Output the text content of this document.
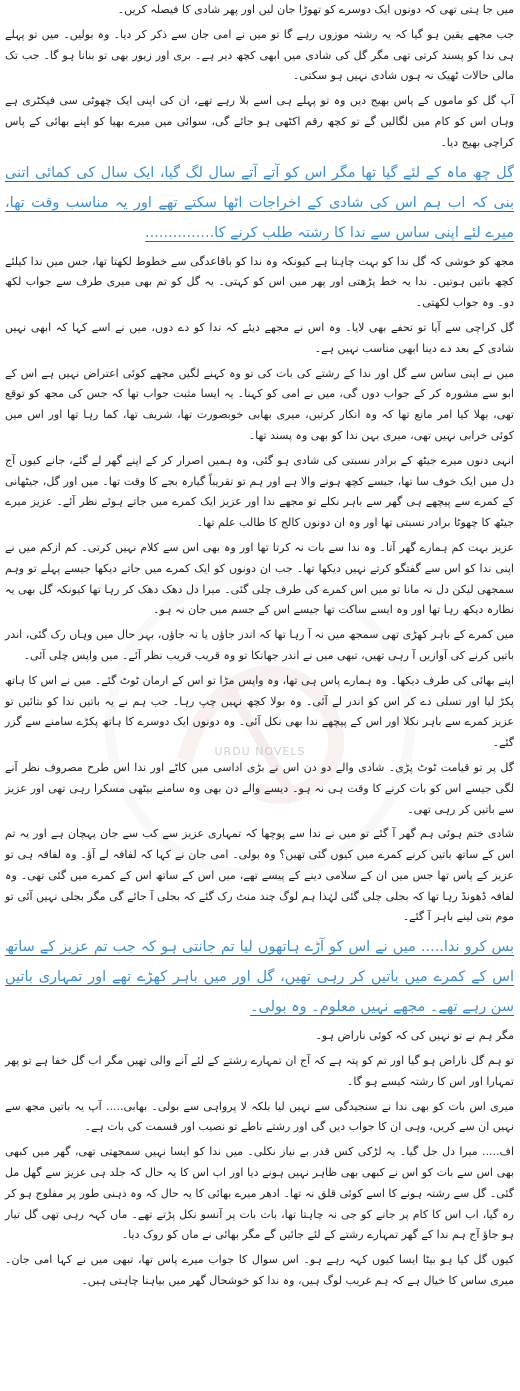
URDU NOVELS

میں جا ہتی تھی کہ دونوں ایک دوسرے کو تھوڑا جان لیں اور پھر شادی کا فیصلہ کریں۔

جب مجھے یقین ہو گیا کہ یہ رشتہ موزوں رہے گا تو میں نے امی جان سے ذکر کر دیا۔ وہ بولیں۔ میں تو پہلے ہی ندا کو پسند کرتی تھی مگر گل کی شادی میں ابھی کچھ دیر ہے۔ بری اور زیور بھی تو بنانا ہو گا۔ جب تک مالی حالات ٹھیک نہ ہوں شادی نہیں ہو سکتی۔

آپ گل کو ماموں کے پاس بھیج دیں وہ تو پہلے ہی اسے بلا رہے تھے، ان کی اپنی ایک چھوٹی سی فیکٹری ہے وہاں اس کو کام میں لگالیں گے تو کچھ رقم اکٹھی ہو جائے گی، سوائی میں میرے بھیا کو اپنے بھائی کے پاس کراچی بھیج دیا۔

گل چھ ماہ کے لئے گیا تھا مگر اس کو آتے آتے سال لگ گیا، ایک سال کی کمائی اتنی بنی کہ اب ہم اس کی شادی کے اخراجات اٹھا سکتے تھے اور یہ مناسب وقت تھا، میرے لئے اپنی ساس سے ندا کا رشتہ طلب کرنے کا...............

مجھ کو خوشی کہ گل ندا کو بہت چاہتا ہے کیونکہ وہ ندا کو باقاعدگی سے خطوط لکھتا تھا، جس میں ندا کیلئے کچھ باتیں ہوتیں۔ ندا یہ خط پڑھتی اور پھر میں اس کو کہتی۔ یہ گل کو تم بھی میری طرف سے جواب لکھ دو۔ وہ جواب لکھتی۔

گل کراچی سے آیا تو تحفے بھی لایا۔ وہ اس نے مجھے دیئے کہ ندا کو دے دوں، میں نے اسے کہا کہ ابھی نہیں شادی کے بعد دے دینا ابھی مناسب نہیں ہے۔

میں نے اپنی ساس سے گل اور ندا کے رشتے کی بات کی تو وہ کہنے لگیں مجھے کوئی اعتراض نہیں ہے اس کے ابو سے مشورہ کر کے جواب دوں گی، میں نے امی کو کہنا۔ یہ ایسا مثبت جواب تھا کہ جس کی مجھ کو توقع تھی، بھلا کیا امر مانع تھا کہ وہ انکار کرتیں، میری بھابی خوبصورت تھا، شریف تھا، کما رہا تھا اور اس میں کوئی خرابی نہیں تھی، میری بہن ندا کو بھی وہ پسند تھا۔

انہی دنوں میرے جیٹھ کے برادر نسبتی کی شادی ہو گئی، وہ ہمیں اصرار کر کے اپنے گھر لے گئے، جانے کیوں آج دل میں ایک خوف سا تھا، جیسے کچھ ہونے والا ہے اور ہم تو تقریباً گیارہ بجے کا وقت تھا۔ میں اور گل، جیٹھانی کے کمرے سے پیچھے ہی گھر سے باہر نکلے تو مجھے ندا اور عزیز ایک کمرے میں جاتے ہوئے نظر آئے۔ عزیز میرے جیٹھ کا چھوٹا برادر نسبتی تھا اور وہ ان دونوں کالج کا طالب علم تھا۔

عزیز بہت کم ہمارے گھر آتا۔ وہ ندا سے بات نہ کرتا تھا اور وہ بھی اس سے کلام نہیں کرتی۔ کم ازکم میں نے اپنی ندا کو اس سے گفتگو کرتے نہیں دیکھا تھا۔ جب ان دونوں کو ایک کمرے میں جاتے دیکھا جیسے پہلے تو وہم سمجھی لیکن دل نہ مانا تو میں اس کمرے کی طرف چلی گئی۔ میرا دل دھک دھک کر رہا تھا کیونکہ گل بھی یہ نظارہ دیکھ رہا تھا اور وہ ایسے ساکت تھا جیسے اس کے جسم میں جان نہ ہو۔

میں کمرے کے باہر کھڑی تھی سمجھ میں نہ آ رہا تھا کہ اندر جاؤں یا نہ جاؤں، بہر حال میں وہاں رک گئی، اندر باتیں کرنے کی آوازیں آ رہی تھیں، تبھی میں نے اندر جھانکا تو وہ قریب قریب نظر آئے۔ میں واپس چلی آئی۔

اپنے بھائی کی طرف دیکھا۔ وہ ہمارے پاس ہی تھا، وہ واپس مڑا تو اس کے ارمان ٹوٹ گئے۔ میں نے اس کا ہاتھ پکڑ لیا اور تسلی دے کر اس کو اندر لے آئی۔ وہ بولا کچھ نہیں چپ رہا۔ جب ہم نے یہ باتیں ندا کو بتائیں تو عزیز کمرے سے باہر نکلا اور اس کے پیچھے ندا بھی نکل آئی۔ وہ دونوں ایک دوسرے کا ہاتھ پکڑے سامنے سے گزر گئے۔

گل پر تو قیامت ٹوٹ پڑی۔ شادی والے دو دن اس نے بڑی اداسی میں کاٹے اور ندا اس طرح مصروف نظر آنے لگی جیسے اس کو بات کرنے کا وقت ہی نہ ہو۔ دیسے والے دن بھی وہ سامنے بیٹھی مسکرا رہی تھی اور عزیز سے باتیں کر رہی تھی۔

شادی ختم ہوئی ہم گھر آ گئے تو میں نے ندا سے پوچھا کہ تمہاری عزیز سے کب سے جان پہچان ہے اور یہ تم اس کے ساتھ باتیں کرنے کمرے میں کیوں گئی تھیں؟ وہ بولی۔ امی جان نے کہا کہ لفافہ لے آؤ۔ وہ لفافہ ہی تو عزیز کے پاس تھا جس میں ان کے سلامی دینے کے پیسے تھے، میں اس کے ساتھ اس کے کمرے میں گئی تھی۔ وہ لفافہ ڈھونڈ رہا تھا کہ بجلی چلی گئی لہٰذا ہم لوگ چند منٹ رک گئے کہ بجلی آ جائے گی مگر بجلی نہیں آئی تو موم بتی لینے باہر آ گئے۔

بس کرو ندا..... میں نے اس کو آڑے ہاتھوں لیا تم جانتی ہو کہ جب تم عزیز کے ساتھ اس کے کمرے میں باتیں کر رہی تھیں، گل اور میں باہر کھڑے تھے اور تمہاری باتیں سن رہے تھے۔ مجھے نہیں معلوم۔ وہ بولی۔

مگر ہم نے تو نہیں کی کہ کوئی ناراض ہو۔

تو ہم گل ناراض ہو گیا اور تم کو پتہ ہے کہ آج ان تمہارے رشتے کے لئے آنے والی تھیں مگر اب گل خفا ہے تو پھر تمہارا اور اس کا رشتہ کیسے ہو گا۔

میری اس بات کو بھی ندا نے سنجیدگی سے نہیں لیا بلکہ لا پرواہی سے بولی۔ بھابی..... آپ یہ باتیں مجھ سے نہیں ان سے کریں، وہی ان کا جواب دیں گی اور رشتے ناطے تو نصیب اور قسمت کی بات ہے۔

اف..... میرا دل جل گیا۔ یہ لڑکی کس قدر بے نیاز نکلی۔ میں ندا کو ایسا نہیں سمجھتی تھی، گھر میں کبھی بھی اس سے بات کو اس نے کبھی بھی ظاہر نہیں ہونے دیا اور اب اس کا یہ حال کہ جلد ہی عزیز سے گھل مل گئی۔ گل سے رشتہ ہونے کا اسے کوئی قلق نہ تھا۔ ادھر میرے بھائی کا یہ حال کہ وہ ذہنی طور پر مفلوج ہو کر رہ گیا، اب اس کا کام پر جانے کو جی نہ چاہتا تھا، بات بات پر آنسو نکل پڑتے تھے۔ ماں کہہ رہی تھی گل تیار ہو جاؤ آج ہم ندا کے گھر تمہارے رشتے کے لئے جائیں گے مگر بھائی نے ماں کو روک دیا۔

کیوں گل کیا ہو بیٹا ایسا کیوں کہہ رہے ہو۔ اس سوال کا جواب میرے پاس تھا، تبھی میں نے کہا امی جان۔ میری ساس کا خیال ہے کہ ہم غریب لوگ ہیں، وہ ندا کو خوشحال گھر میں بیاہنا چاہتی ہیں۔
